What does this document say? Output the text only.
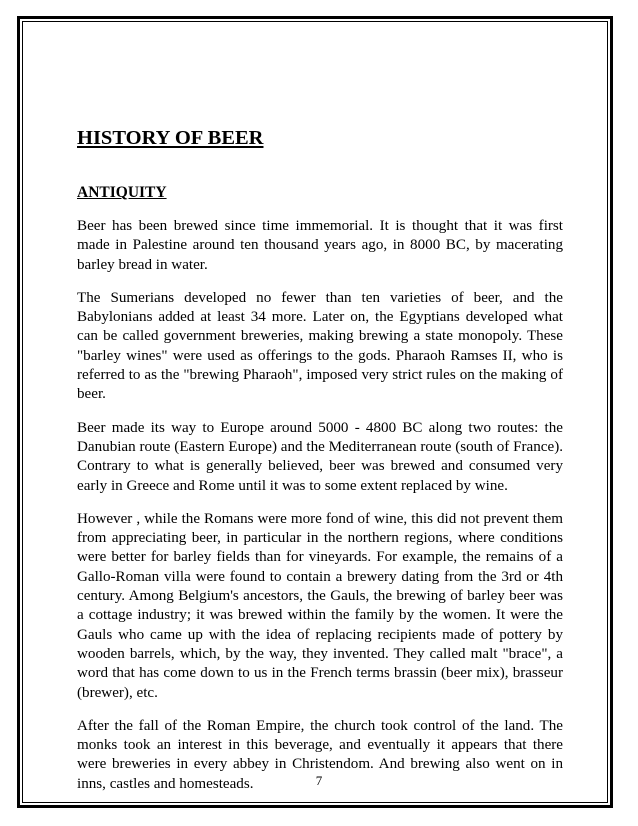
HISTORY OF BEER
ANTIQUITY

Beer has been brewed since time immemorial. It is thought that it was first made in Palestine around ten thousand years ago, in 8000 BC, by macerating barley bread in water.

The Sumerians developed no fewer than ten varieties of beer, and the Babylonians added at least 34 more. Later on, the Egyptians developed what can be called government breweries, making brewing a state monopoly. These "barley wines" were used as offerings to the gods. Pharaoh Ramses II, who is referred to as the "brewing Pharaoh", imposed very strict rules on the making of beer.

Beer made its way to Europe around 5000 - 4800 BC along two routes: the Danubian route (Eastern Europe) and the Mediterranean route (south of France). Contrary to what is generally believed, beer was brewed and consumed very early in Greece and Rome until it was to some extent replaced by wine.

However , while the Romans were more fond of wine, this did not prevent them from appreciating beer, in particular in the northern regions, where conditions were better for barley fields than for vineyards. For example, the remains of a Gallo-Roman villa were found to contain a brewery dating from the 3rd or 4th century. Among Belgium's ancestors, the Gauls, the brewing of barley beer was a cottage industry; it was brewed within the family by the women. It were the Gauls who came up with the idea of replacing recipients made of pottery by wooden barrels, which, by the way, they invented. They called malt "brace", a word that has come down to us in the French terms brassin (beer mix), brasseur (brewer), etc.

After the fall of the Roman Empire, the church took control of the land. The monks took an interest in this beverage, and eventually it appears that there were breweries in every abbey in Christendom. And brewing also went on in inns, castles and homesteads.	7
